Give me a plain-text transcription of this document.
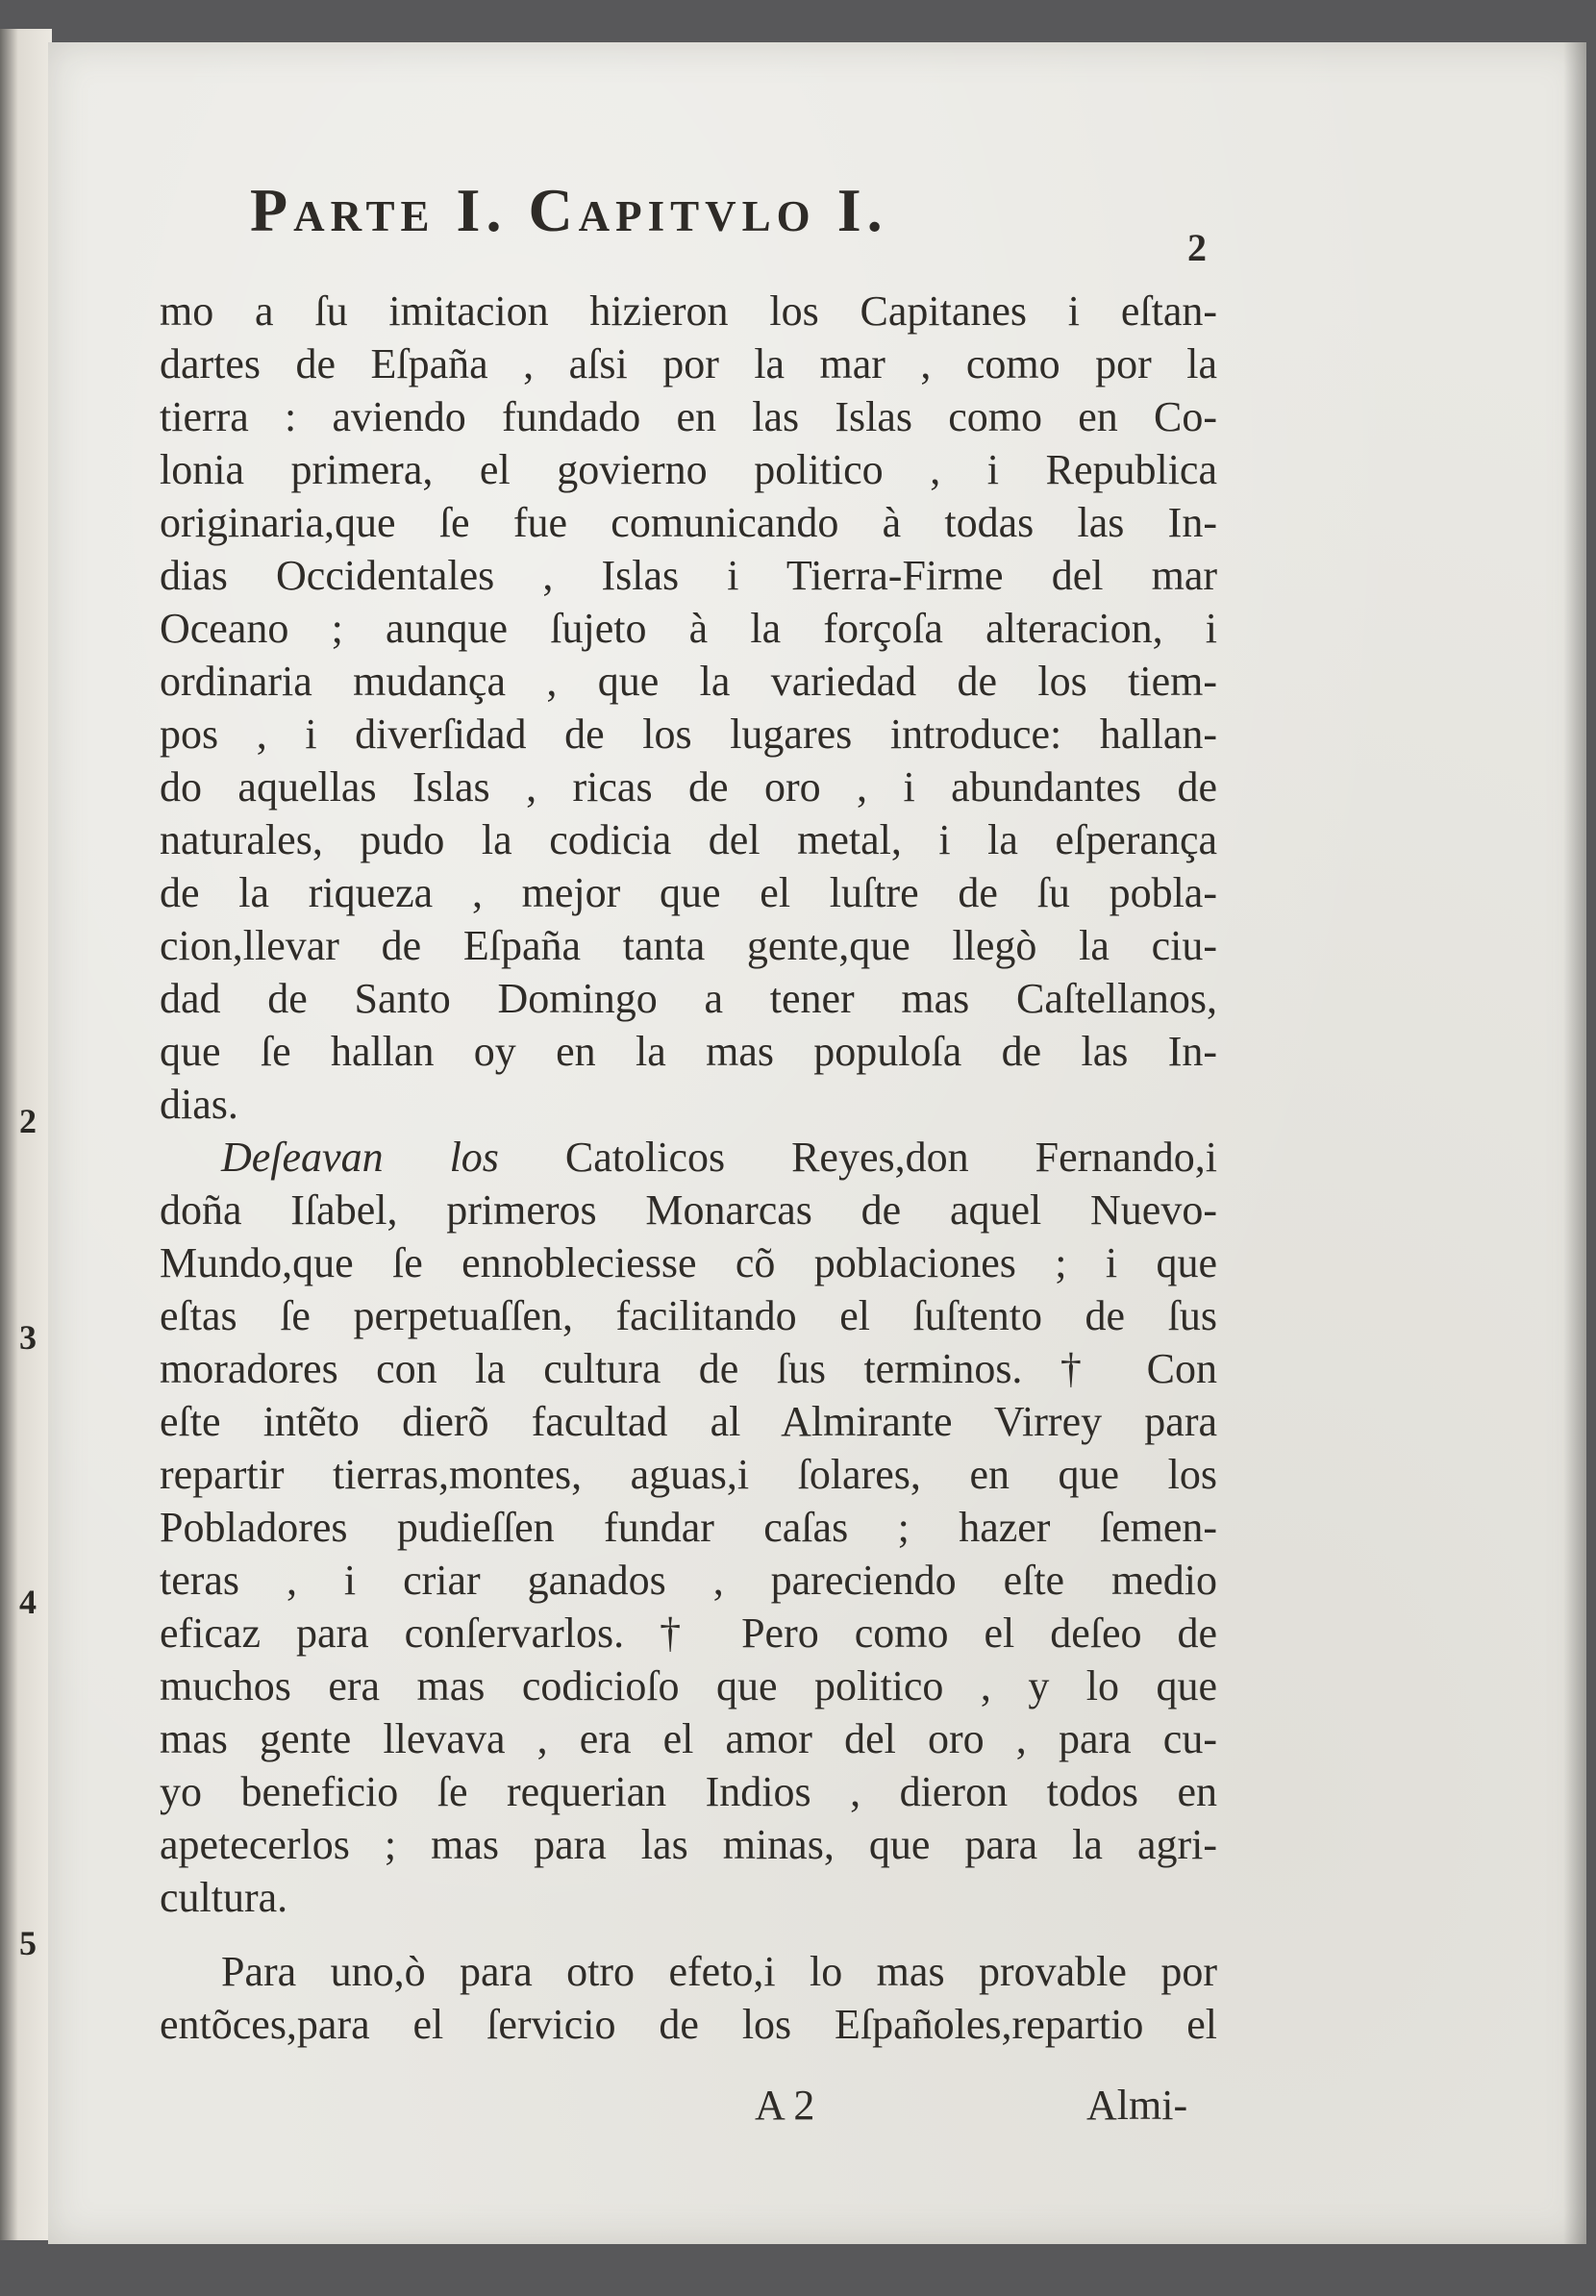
Parte I. Capitvlo I.
2

mo a ſu imitacion hizieron los Capitanes i eſtan-
dartes de Eſpaña , aſsi por la mar , como por la
tierra : aviendo fundado en las Islas como en Co-
lonia primera, el govierno politico , i Republica
originaria,que ſe fue comunicando à todas las In-
dias Occidentales , Islas i Tierra-Firme del mar
Oceano ; aunque ſujeto à la forçoſa alteracion, i
ordinaria mudança , que la variedad de los tiem-
pos , i diverſidad de los lugares introduce: hallan-
do aquellas Islas , ricas de oro , i abundantes de
naturales, pudo la codicia del metal, i la eſperança
de la riqueza , mejor que el luſtre de ſu pobla-
cion,llevar de Eſpaña tanta gente,que llegò la ciu-
dad de Santo Domingo a tener mas Caſtellanos,
que ſe hallan oy en la mas populoſa de las In-
dias.
Deſeavan los Catolicos Reyes,don Fernando,i
doña Iſabel, primeros Monarcas de aquel Nuevo-
Mundo,que ſe ennobleciesse cõ poblaciones ; i que
eſtas ſe perpetuaſſen, facilitando el ſuſtento de ſus
moradores con la cultura de ſus terminos. † Con
eſte intẽto dierõ facultad al Almirante Virrey para
repartir tierras,montes, aguas,i ſolares, en que los
Pobladores pudieſſen fundar caſas ; hazer ſemen-
teras , i criar ganados , pareciendo eſte medio
eficaz para conſervarlos. † Pero como el deſeo de
muchos era mas codicioſo que politico , y lo que
mas gente llevava , era el amor del oro , para cu-
yo beneficio ſe requerian Indios , dieron todos en
apetecerlos ; mas para las minas, que para la agri-
cultura.
Para uno,ò para otro efeto,i lo mas provable por
entõces,para el ſervicio de los Eſpañoles,repartio el
A 2	Almi-
2
3
4
5
